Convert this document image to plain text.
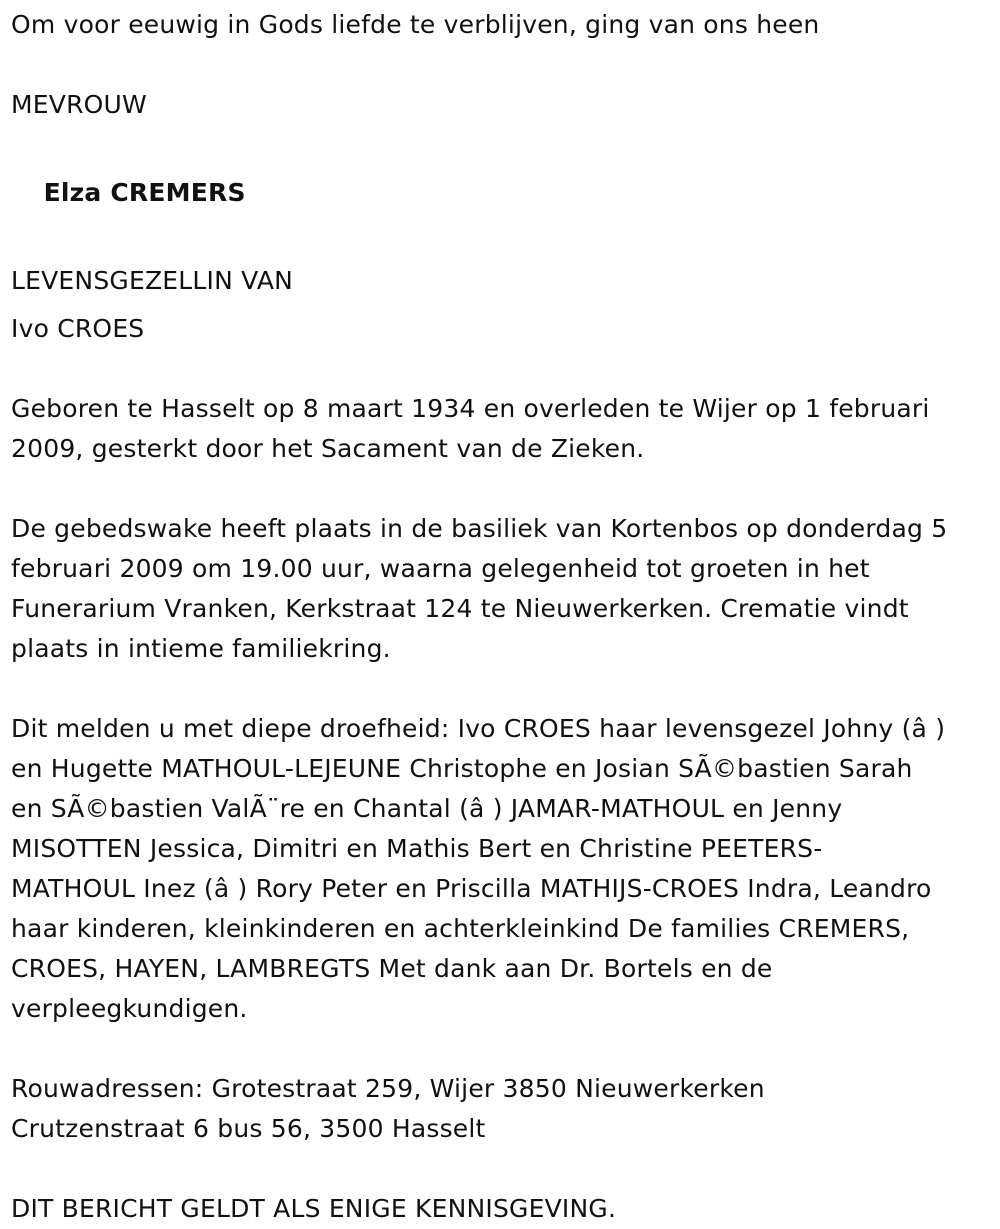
Om voor eeuwig in Gods liefde te verblijven, ging van ons heen
MEVROUW

Elza CREMERS

LEVENSGEZELLIN VAN
Ivo CROES
Geboren te Hasselt op 8 maart 1934 en overleden te Wijer op 1 februari
2009, gesterkt door het Sacament van de Zieken.
De gebedswake heeft plaats in de basiliek van Kortenbos op donderdag 5
februari 2009 om 19.00 uur, waarna gelegenheid tot groeten in het
Funerarium Vranken, Kerkstraat 124 te Nieuwerkerken. Crematie vindt
plaats in intieme familiekring.
Dit melden u met diepe droefheid: Ivo CROES haar levensgezel Johny (â )
en Hugette MATHOUL-LEJEUNE Christophe en Josian SÃ©bastien Sarah
en SÃ©bastien ValÃ¨re en Chantal (â ) JAMAR-MATHOUL en Jenny
MISOTTEN Jessica, Dimitri en Mathis Bert en Christine PEETERS-
MATHOUL Inez (â ) Rory Peter en Priscilla MATHIJS-CROES Indra, Leandro
haar kinderen, kleinkinderen en achterkleinkind De families CREMERS,
CROES, HAYEN, LAMBREGTS Met dank aan Dr. Bortels en de
verpleegkundigen.
Rouwadressen: Grotestraat 259, Wijer 3850 Nieuwerkerken
Crutzenstraat 6 bus 56, 3500 Hasselt
DIT BERICHT GELDT ALS ENIGE KENNISGEVING.
